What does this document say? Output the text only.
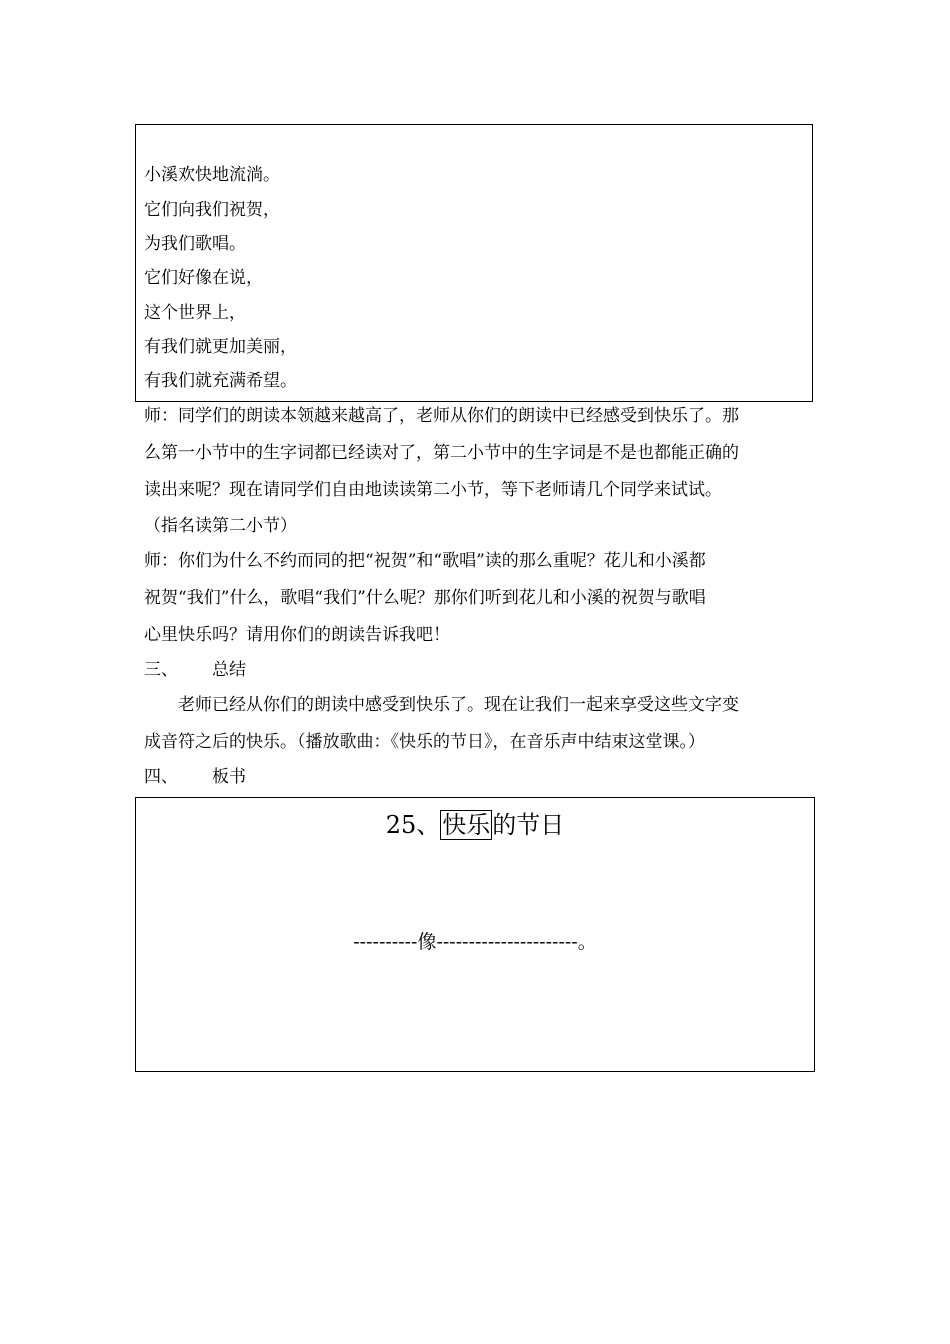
小溪欢快地流淌。
它们向我们祝贺，
为我们歌唱。
它们好像在说，
这个世界上，
有我们就更加美丽，
有我们就充满希望。
师：同学们的朗读本领越来越高了，老师从你们的朗读中已经感受到快乐了。那
么第一小节中的生字词都已经读对了，第二小节中的生字词是不是也都能正确的
读出来呢？现在请同学们自由地读读第二小节，等下老师请几个同学来试试。
（指名读第二小节）
师：你们为什么不约而同的把“祝贺”和“歌唱”读的那么重呢？花儿和小溪都
祝贺“我们”什么，歌唱“我们”什么呢？那你们听到花儿和小溪的祝贺与歌唱
心里快乐吗？请用你们的朗读告诉我吧！
三、 总结
老师已经从你们的朗读中感受到快乐了。现在让我们一起来享受这些文字变
成音符之后的快乐。（播放歌曲：《快乐的节日》，在音乐声中结束这堂课。）
四、 板书
25、快乐的节日
----------像----------------------。
